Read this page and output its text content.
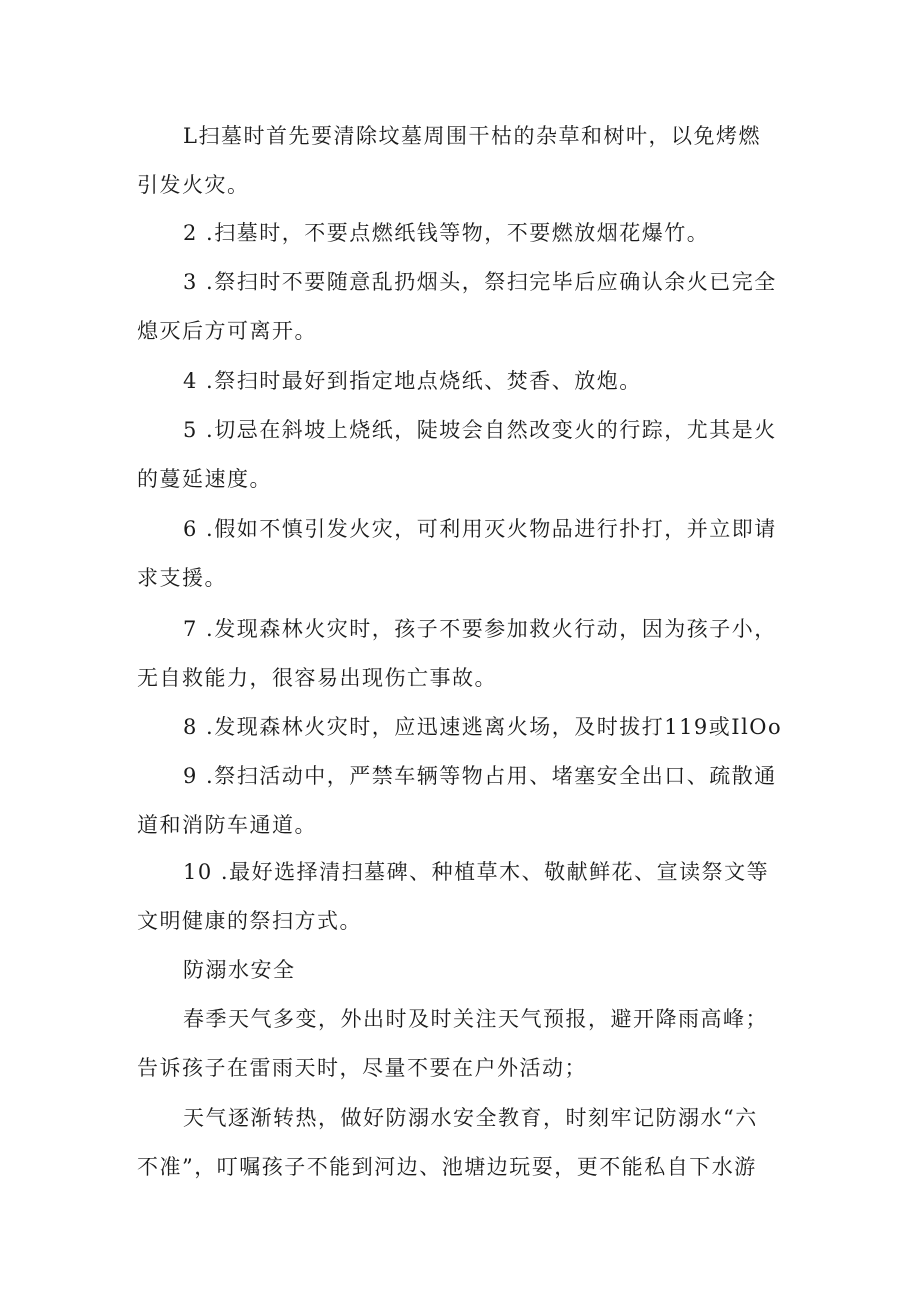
L扫墓时首先要清除坟墓周围干枯的杂草和树叶，以免烤燃
引发火灾。
2 .扫墓时，不要点燃纸钱等物，不要燃放烟花爆竹。
3 .祭扫时不要随意乱扔烟头，祭扫完毕后应确认余火已完全
熄灭后方可离开。
4 .祭扫时最好到指定地点烧纸、焚香、放炮。
5 .切忌在斜坡上烧纸，陡坡会自然改变火的行踪，尤其是火
的蔓延速度。
6 .假如不慎引发火灾，可利用灭火物品进行扑打，并立即请
求支援。
7 .发现森林火灾时，孩子不要参加救火行动，因为孩子小，
无自救能力，很容易出现伤亡事故。
8 .发现森林火灾时，应迅速逃离火场，及时拔打119或IlOo
9 .祭扫活动中，严禁车辆等物占用、堵塞安全出口、疏散通
道和消防车通道。
10 .最好选择清扫墓碑、种植草木、敬献鲜花、宣读祭文等
文明健康的祭扫方式。
防溺水安全
春季天气多变，外出时及时关注天气预报，避开降雨高峰；
告诉孩子在雷雨天时，尽量不要在户外活动；
天气逐渐转热，做好防溺水安全教育，时刻牢记防溺水“六
不准”，叮嘱孩子不能到河边、池塘边玩耍，更不能私自下水游
